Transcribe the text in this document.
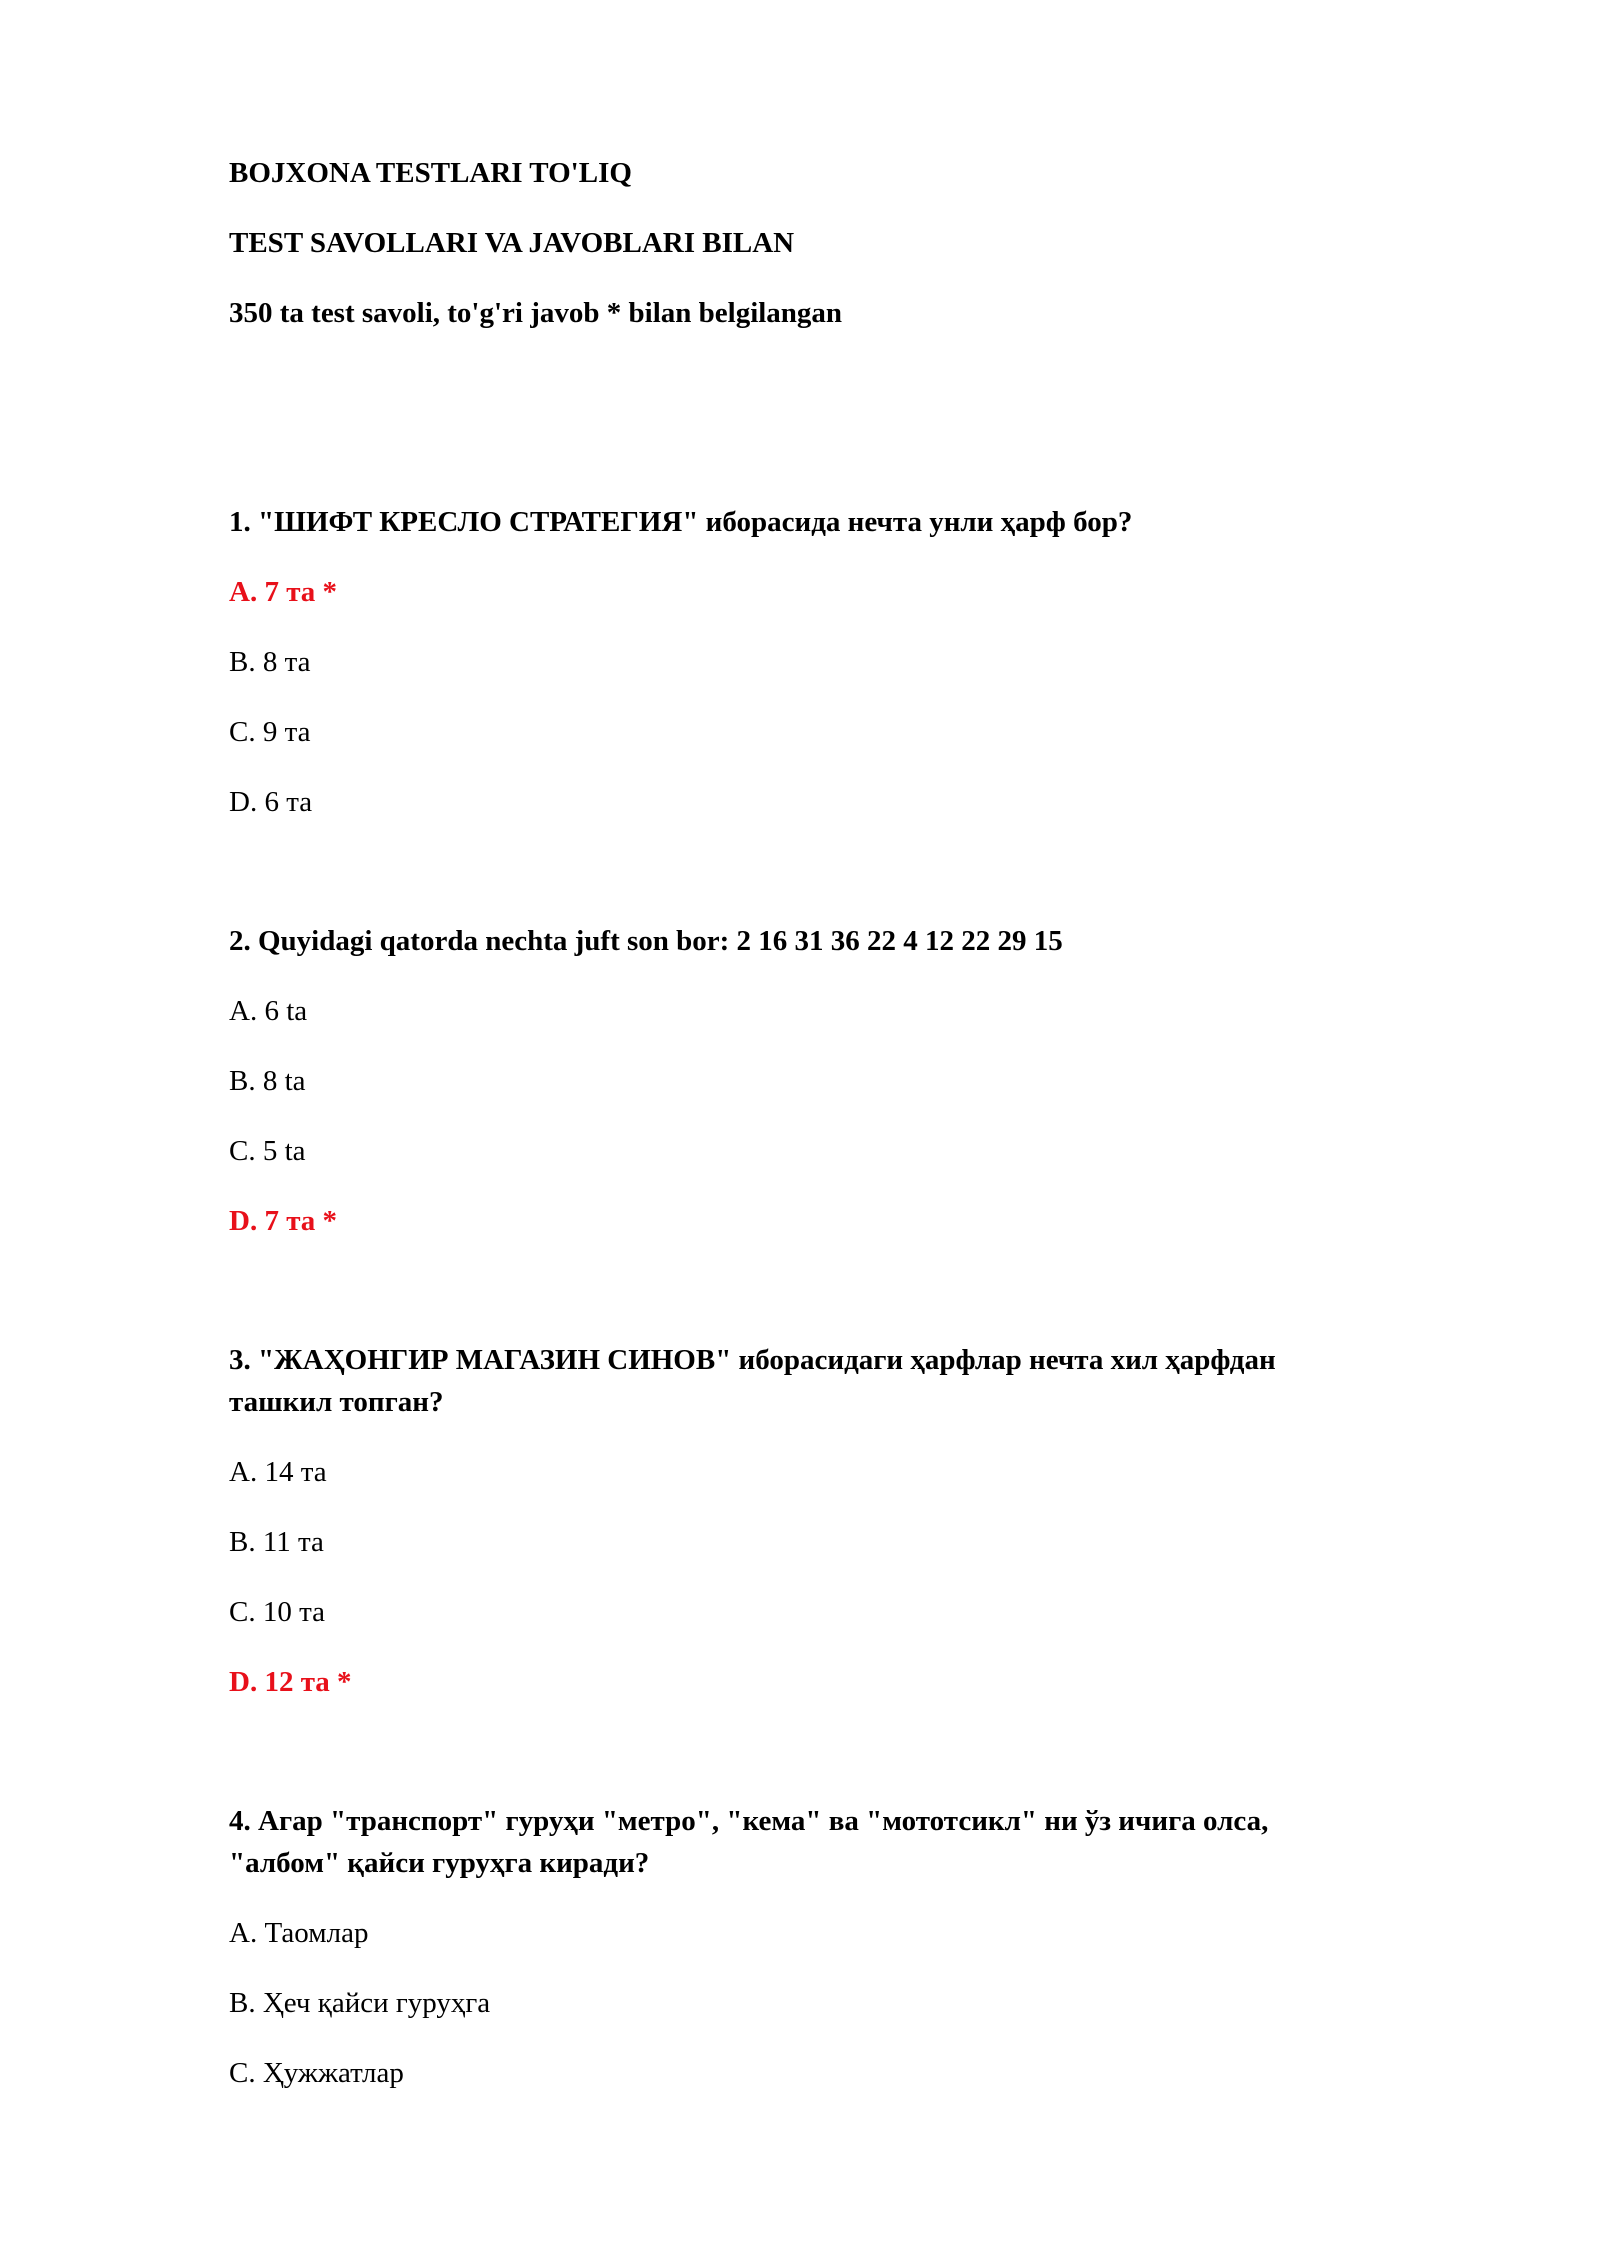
BOJXONA TESTLARI TO'LIQ

TEST SAVOLLARI VA JAVOBLARI BILAN

350 ta test savoli, to'g'ri javob * bilan belgilangan

1. "ШИФТ КРЕСЛО СТРАТЕГИЯ" иборасида нечта унли ҳарф бор?

A. 7 та *

B. 8 та

C. 9 та

D. 6 та

2. Quyidagi qatorda nechta juft son bor: 2 16 31 36 22 4 12 22 29 15

A. 6 ta

B. 8 ta

C. 5 ta

D. 7 та *

3. "ЖАҲОНГИР МАГАЗИН СИНОВ" иборасидаги ҳарфлар нечта хил ҳарфдан

ташкил топган?

A. 14 та

B. 11 та

C. 10 та

D. 12 та *

4. Агар "транспорт" гуруҳи "метро", "кема" ва "мототсикл" ни ўз ичига олса,

"албом" қайси гуруҳга киради?

A. Таомлар

B. Ҳеч қайси гуруҳга

C. Ҳужжатлар
